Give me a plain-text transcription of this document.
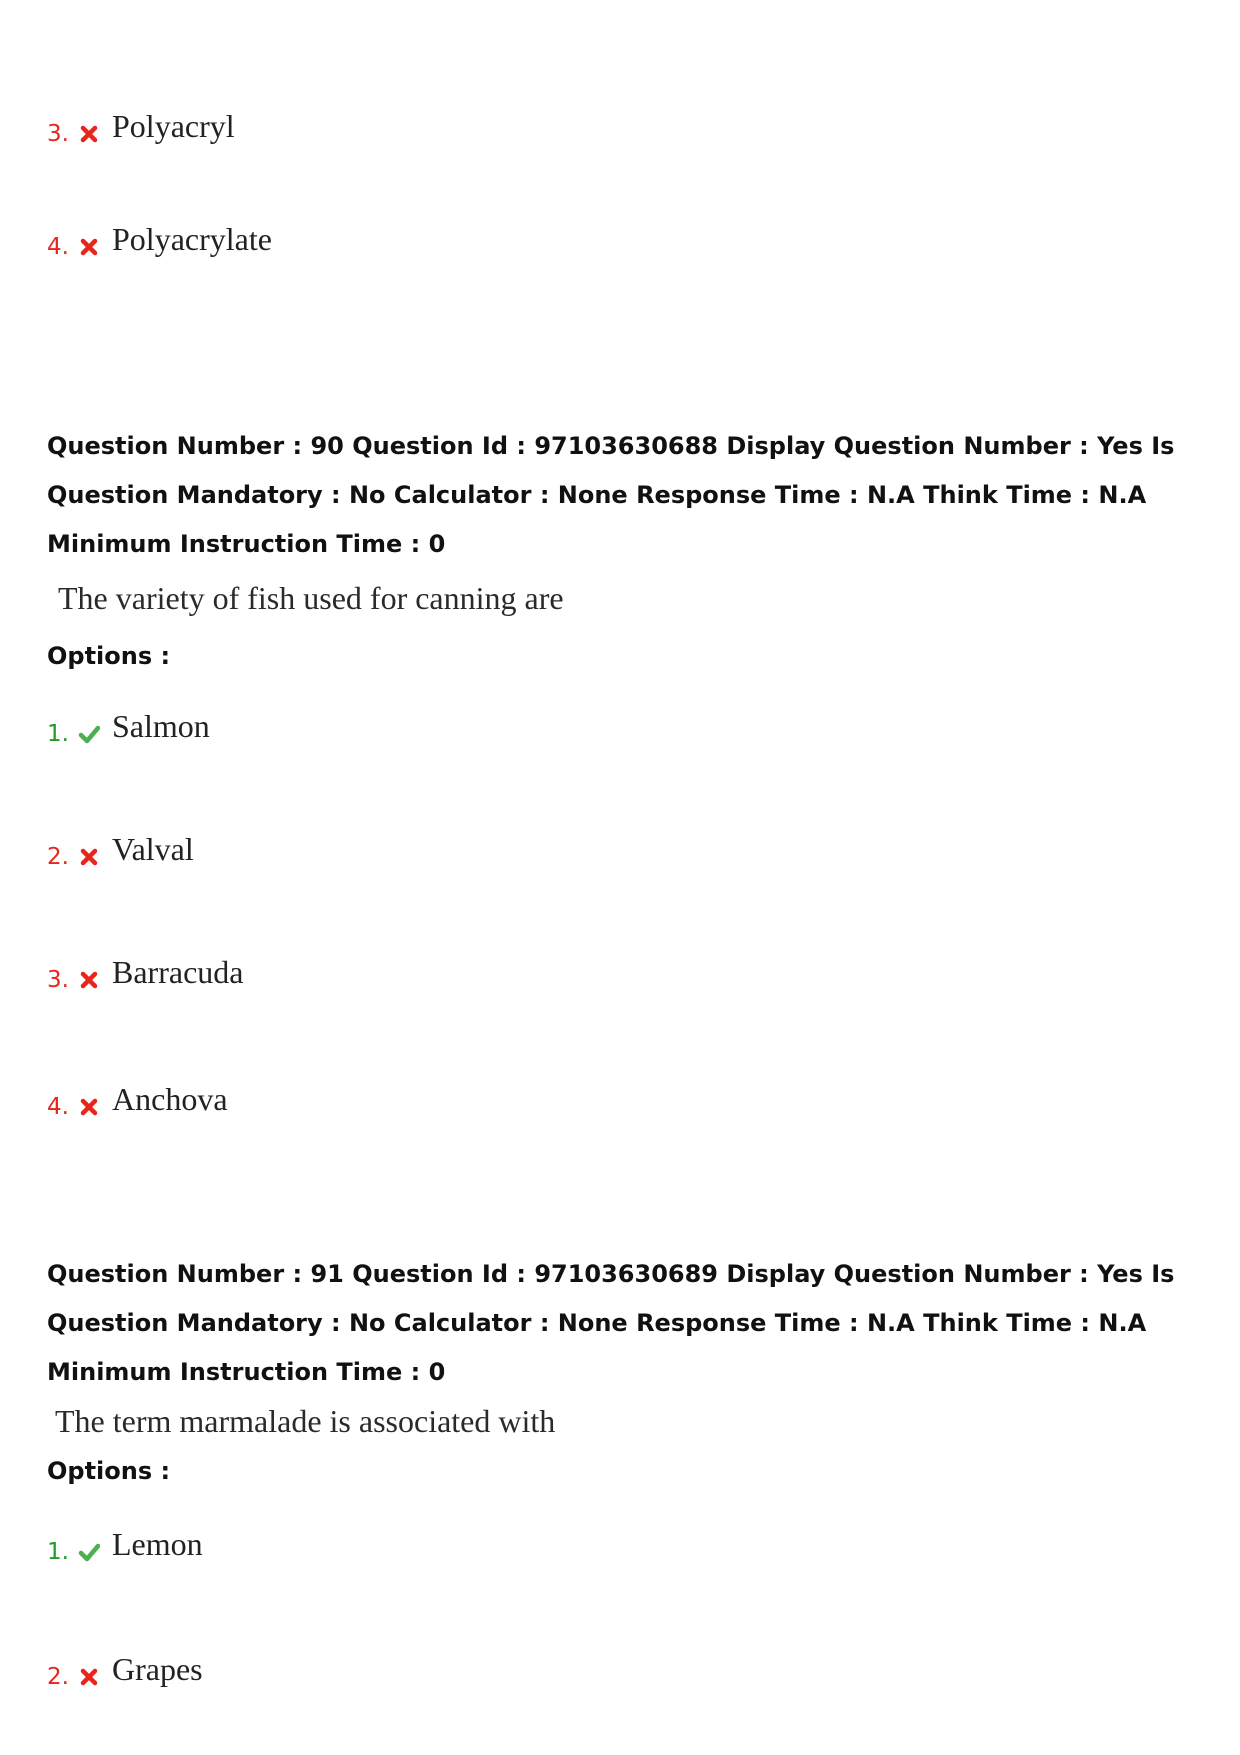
3. Polyacryl
4. Polyacrylate
Question Number : 90 Question Id : 97103630688 Display Question Number : Yes Is Question Mandatory : No Calculator : None Response Time : N.A Think Time : N.A Minimum Instruction Time : 0
The variety of fish used for canning are
Options :
1. Salmon
2. Valval
3. Barracuda
4. Anchova
Question Number : 91 Question Id : 97103630689 Display Question Number : Yes Is Question Mandatory : No Calculator : None Response Time : N.A Think Time : N.A Minimum Instruction Time : 0
The term marmalade is associated with
Options :
1. Lemon
2. Grapes
